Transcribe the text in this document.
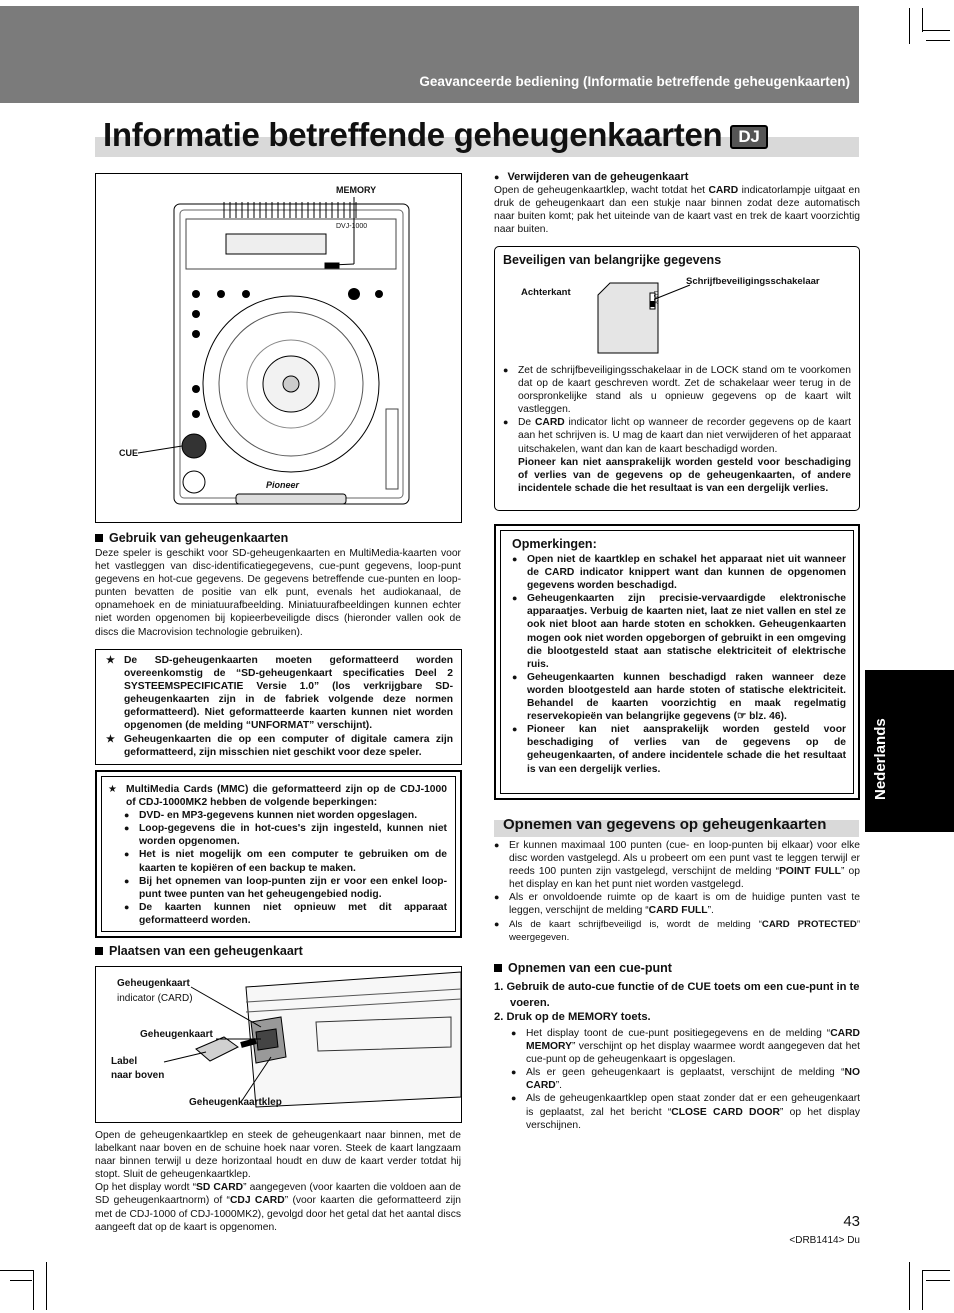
Geavanceerde bediening (Informatie betreffende geheugenkaarten)
Informatie betreffende geheugenkaarten DJ
MEMORY
CUE
DVJ-1000
Pioneer
Gebruik van geheugenkaarten
Deze speler is geschikt voor SD-geheugenkaarten en MultiMedia-kaarten voor het vastleggen van disc-identificatiegegevens, cue-punt gegevens, loop-punt gegevens en hot-cue gegevens. De gegevens betreffende cue-punten en loop-punten bevatten de positie van elk punt, evenals het audiokanaal, de opnamehoek en de miniatuurafbeelding. Miniatuurafbeeldingen kunnen echter niet worden opgenomen bij kopieerbeveiligde discs (hieronder vallen ook de discs die Macrovision technologie gebruiken).
★ De SD-geheugenkaarten moeten geformatteerd worden overeenkomstig de “SD-geheugenkaart specificaties Deel 2 SYSTEEMSPECIFICATIE Versie 1.0” (los verkrijgbare SD-geheugenkaarten zijn in de fabriek volgende deze normen geformatteerd). Niet geformatteerde kaarten kunnen niet worden opgenomen (de melding “UNFORMAT” verschijnt).
★ Geheugenkaarten die op een computer of digitale camera zijn geformatteerd, zijn misschien niet geschikt voor deze speler.
★ MultiMedia Cards (MMC) die geformatteerd zijn op de CDJ-1000 of CDJ-1000MK2 hebben de volgende beperkingen:
● DVD- en MP3-gegevens kunnen niet worden opgeslagen.
● Loop-gegevens die in hot-cues's zijn ingesteld, kunnen niet worden opgenomen.
● Het is niet mogelijk om een computer te gebruiken om de kaarten te kopiëren of een backup te maken.
● Bij het opnemen van loop-punten zijn er voor een enkel loop-punt twee punten van het geheugengebied nodig.
● De kaarten kunnen niet opnieuw met dit apparaat geformatteerd worden.
Plaatsen van een geheugenkaart
Geheugenkaart
indicator (CARD)
Geheugenkaart
Label
naar boven
Geheugenkaartklep
Open de geheugenkaartklep en steek de geheugenkaart naar binnen, met de labelkant naar boven en de schuine hoek naar voren. Steek de kaart langzaam naar binnen terwijl u deze horizontaal houdt en duw de kaart verder totdat hij stopt. Sluit de geheugenkaartklep.
Op het display wordt “SD CARD” aangegeven (voor kaarten die voldoen aan de SD geheugenkaartnorm) of “CDJ CARD” (voor kaarten die geformatteerd zijn met de CDJ-1000 of CDJ-1000MK2), gevolgd door het getal dat het aantal discs aangeeft dat op de kaart is opgenomen.
● Verwijderen van de geheugenkaart
Open de geheugenkaartklep, wacht totdat het CARD indicatorlampje uitgaat en druk de geheugenkaart dan een stukje naar binnen zodat deze automatisch naar buiten komt; pak het uiteinde van de kaart vast en trek de kaart voorzichtig naar buiten.
Beveiligen van belangrijke gegevens
Achterkant
Schrijfbeveiligingsschakelaar
LOCK
● Zet de schrijfbeveiligingsschakelaar in de LOCK stand om te voorkomen dat op de kaart geschreven wordt. Zet de schakelaar weer terug in de oorspronkelijke stand als u opnieuw gegevens op de kaart wilt vastleggen.
● De CARD indicator licht op wanneer de recorder gegevens op de kaart aan het schrijven is. U mag de kaart dan niet verwijderen of het apparaat uitschakelen, want dan kan de kaart beschadigd worden.
Pioneer kan niet aansprakelijk worden gesteld voor beschadiging of verlies van de gegevens op de geheugenkaarten, of andere incidentele schade die het resultaat is van een dergelijk verlies.
Opmerkingen:
● Open niet de kaartklep en schakel het apparaat niet uit wanneer de CARD indicator knippert want dan kunnen de opgenomen gegevens worden beschadigd.
● Geheugenkaarten zijn precisie-vervaardigde elektronische apparaatjes. Verbuig de kaarten niet, laat ze niet vallen en stel ze ook niet bloot aan harde stoten en schokken. Geheugenkaarten mogen ook niet worden opgeborgen of gebruikt in een omgeving die blootgesteld staat aan statische elektriciteit of elektrische ruis.
● Geheugenkaarten kunnen beschadigd raken wanneer deze worden blootgesteld aan harde stoten of statische elektriciteit. Behandel de kaarten voorzichtig en maak regelmatig reservekopieën van belangrijke gegevens (☞ blz. 46).
● Pioneer kan niet aansprakelijk worden gesteld voor beschadiging of verlies van de gegevens op de geheugenkaarten, of andere incidentele schade die het resultaat is van een dergelijk verlies.
Opnemen van gegevens op geheugenkaarten
● Er kunnen maximaal 100 punten (cue- en loop-punten bij elkaar) voor elke disc worden vastgelegd. Als u probeert om een punt vast te leggen terwijl er reeds 100 punten zijn vastgelegd, verschijnt de melding “POINT FULL” op het display en kan het punt niet worden vastgelegd.
● Als er onvoldoende ruimte op de kaart is om de huidige punten vast te leggen, verschijnt de melding “CARD FULL”.
● Als de kaart schrijfbeveiligd is, wordt de melding “CARD PROTECTED” weergegeven.
Opnemen van een cue-punt
1. Gebruik de auto-cue functie of de CUE toets om een cue-punt in te voeren.
2. Druk op de MEMORY toets.
● Het display toont de cue-punt positiegegevens en de melding “CARD MEMORY” verschijnt op het display waarmee wordt aangegeven dat het cue-punt op de geheugenkaart is opgeslagen.
● Als er geen geheugenkaart is geplaatst, verschijnt de melding “NO CARD”.
● Als de geheugenkaartklep open staat zonder dat er een geheugenkaart is geplaatst, zal het bericht “CLOSE CARD DOOR” op het display verschijnen.
Nederlands
43
<DRB1414> Du
